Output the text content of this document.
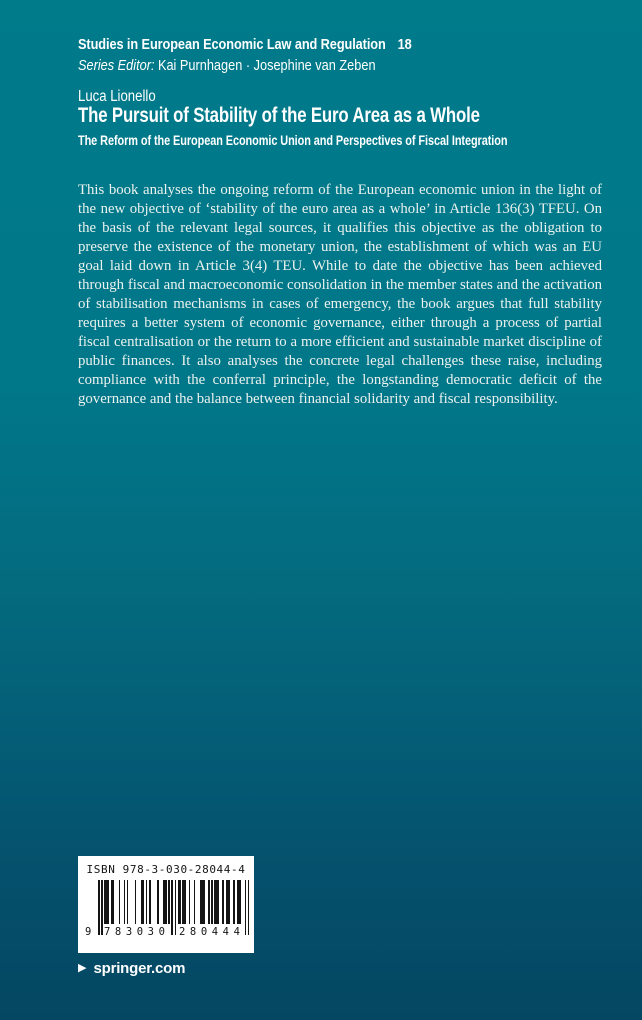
Studies in European Economic Law and Regulation 18
Series Editor: Kai Purnhagen · Josephine van Zeben
Luca Lionello
The Pursuit of Stability of the Euro Area as a Whole
The Reform of the European Economic Union and Perspectives of Fiscal Integration

This book analyses the ongoing reform of the European economic union in the light of the new objective of ‘stability of the euro area as a whole’ in Article 136(3) TFEU. On the basis of the relevant legal sources, it qualifies this objective as the obligation to preserve the existence of the monetary union, the establishment of which was an EU goal laid down in Article 3(4) TEU. While to date the objective has been achieved through fiscal and macroeconomic consolidation in the member states and the activation of stabilisation mechanisms in cases of emergency, the book argues that full stability requires a better system of economic governance, either through a process of partial fiscal centralisation or the return to a more efficient and sustainable market discipline of public finances. It also analyses the concrete legal challenges these raise, including compliance with the conferral principle, the longstanding democratic deficit of the governance and the balance between financial solidarity and fiscal responsibility.

ISBN 978-3-030-28044-4
9 783030 280444
▶ springer.com
